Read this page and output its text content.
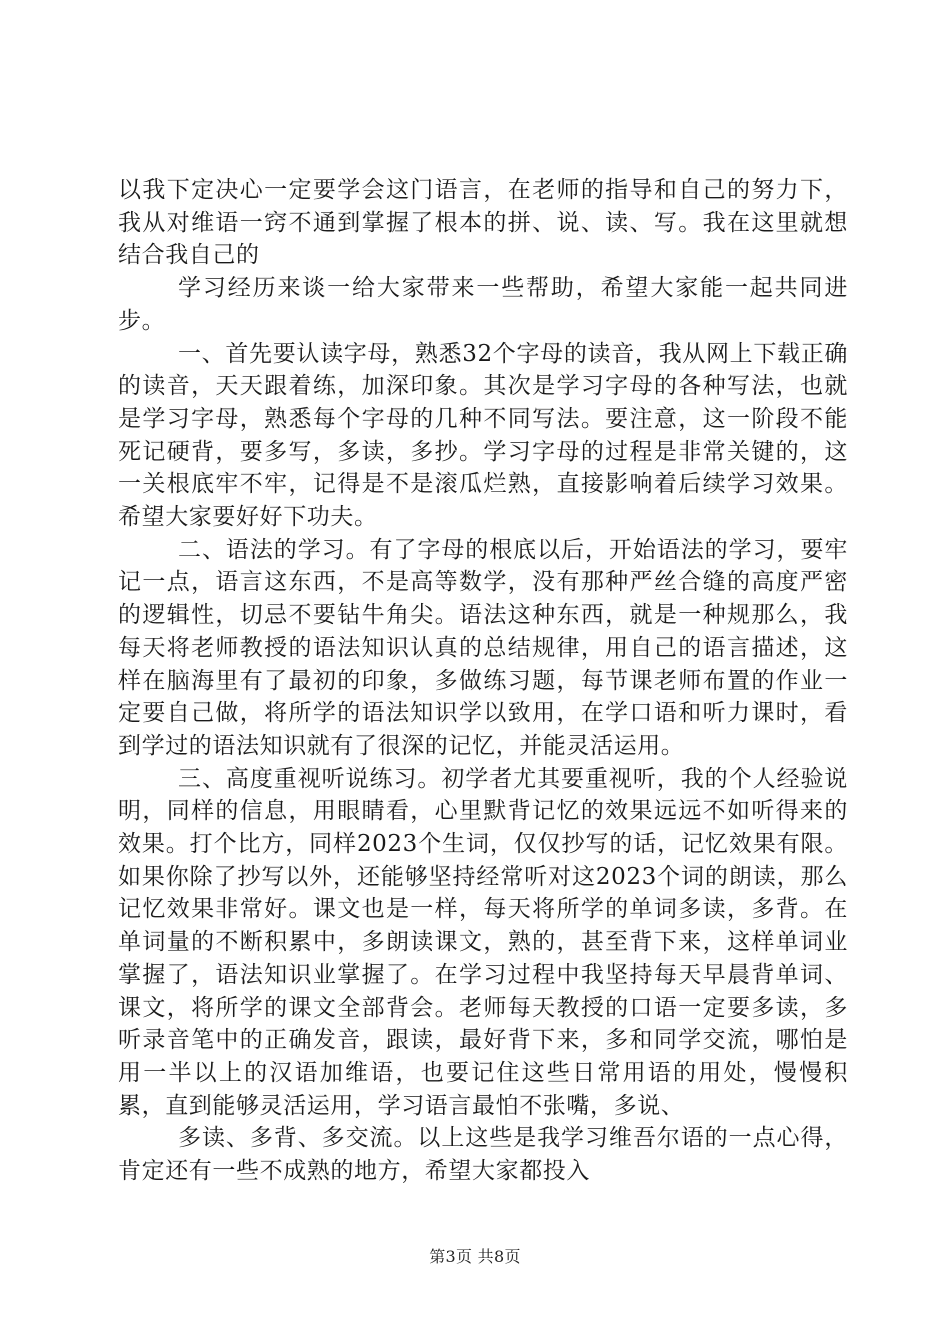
以我下定决心一定要学会这门语言，在老师的指导和自己的努力下，我从对维语一窍不通到掌握了根本的拼、说、读、写。我在这里就想结合我自己的

学习经历来谈一给大家带来一些帮助，希望大家能一起共同进步。

一、首先要认读字母，熟悉32个字母的读音，我从网上下载正确的读音，天天跟着练，加深印象。其次是学习字母的各种写法，也就是学习字母，熟悉每个字母的几种不同写法。要注意，这一阶段不能死记硬背，要多写，多读，多抄。学习字母的过程是非常关键的，这一关根底牢不牢，记得是不是滚瓜烂熟，直接影响着后续学习效果。希望大家要好好下功夫。

二、语法的学习。有了字母的根底以后，开始语法的学习，要牢记一点，语言这东西，不是高等数学，没有那种严丝合缝的高度严密的逻辑性，切忌不要钻牛角尖。语法这种东西，就是一种规那么，我每天将老师教授的语法知识认真的总结规律，用自己的语言描述，这样在脑海里有了最初的印象，多做练习题，每节课老师布置的作业一定要自己做，将所学的语法知识学以致用，在学口语和听力课时，看到学过的语法知识就有了很深的记忆，并能灵活运用。

三、高度重视听说练习。初学者尤其要重视听，我的个人经验说明，同样的信息，用眼睛看，心里默背记忆的效果远远不如听得来的效果。打个比方，同样2023个生词，仅仅抄写的话，记忆效果有限。如果你除了抄写以外，还能够坚持经常听对这2023个词的朗读，那么记忆效果非常好。课文也是一样，每天将所学的单词多读，多背。在单词量的不断积累中，多朗读课文，熟的，甚至背下来，这样单词业掌握了，语法知识业掌握了。在学习过程中我坚持每天早晨背单词、课文，将所学的课文全部背会。老师每天教授的口语一定要多读，多听录音笔中的正确发音，跟读，最好背下来，多和同学交流，哪怕是用一半以上的汉语加维语，也要记住这些日常用语的用处，慢慢积累，直到能够灵活运用，学习语言最怕不张嘴，多说、

多读、多背、多交流。以上这些是我学习维吾尔语的一点心得，肯定还有一些不成熟的地方，希望大家都投入

第3页 共8页
